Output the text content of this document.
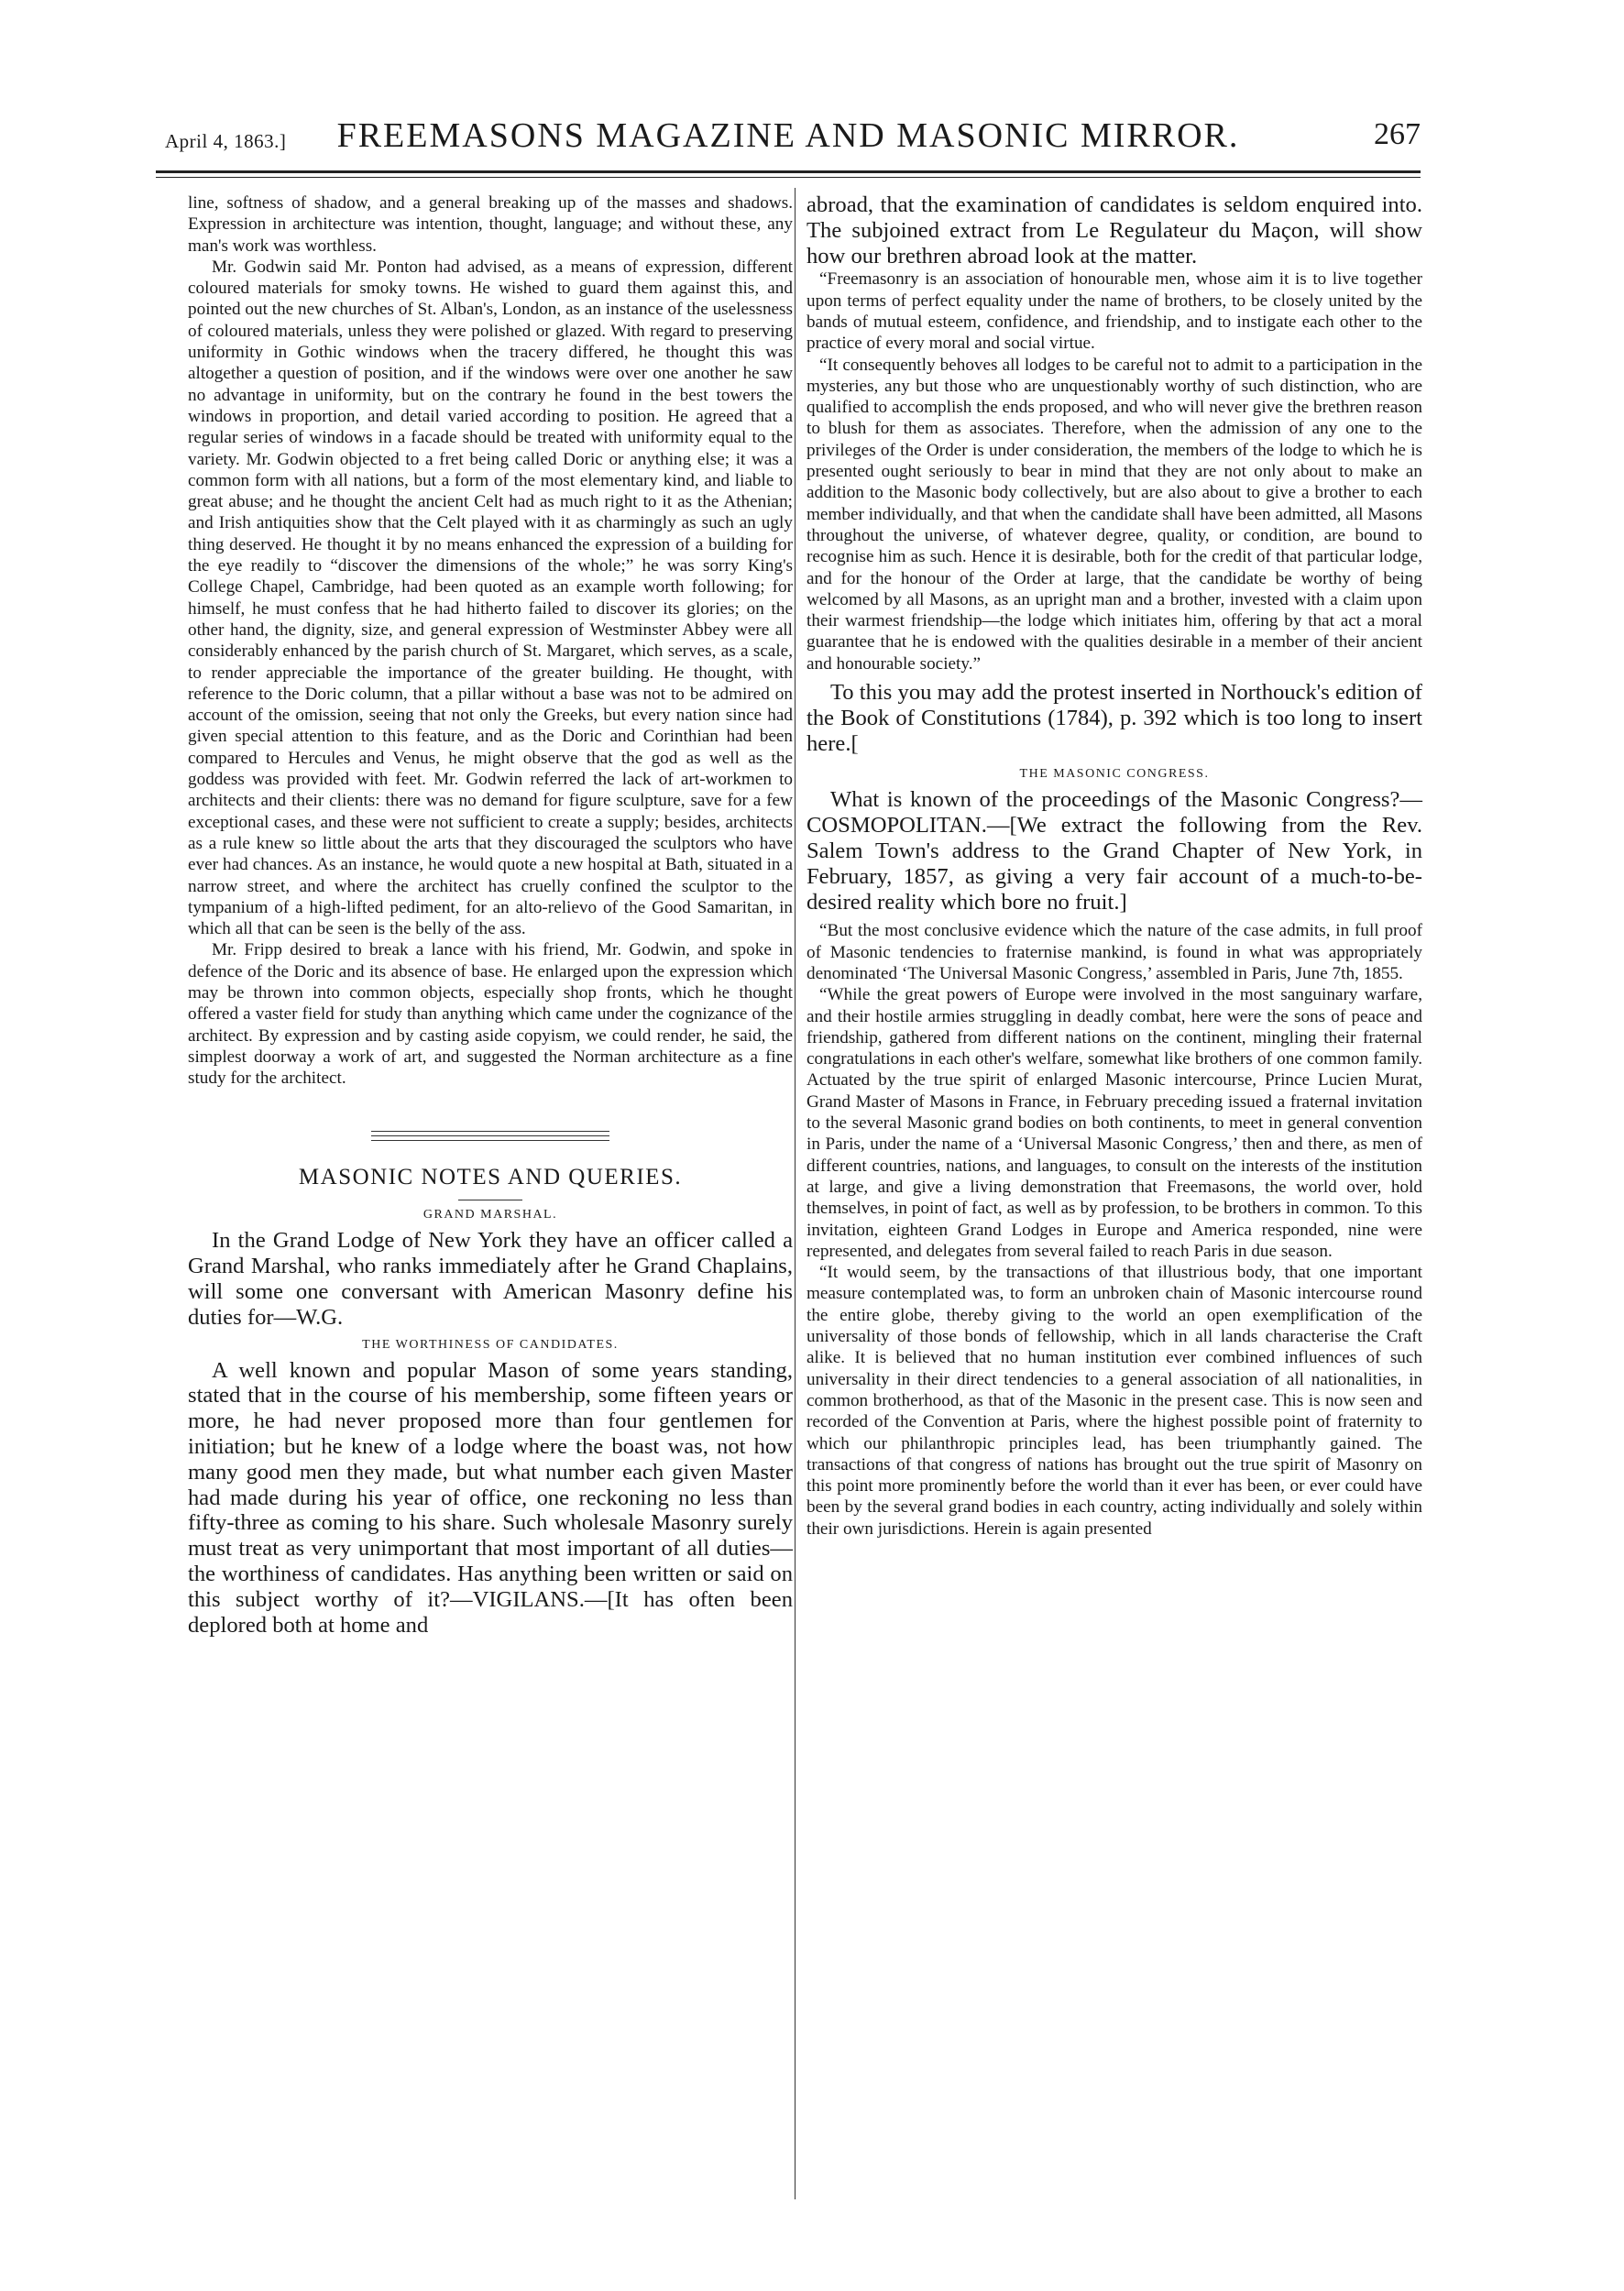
April 4, 1863.]	FREEMASONS MAGAZINE AND MASONIC MIRROR.	267

line, softness of shadow, and a general breaking up of the masses and shadows. Expression in architecture was intention, thought, language; and without these, any man's work was worthless.

Mr. Godwin said Mr. Ponton had advised, as a means of expression, different coloured materials for smoky towns. He wished to guard them against this, and pointed out the new churches of St. Alban's, London, as an instance of the uselessness of coloured materials, unless they were polished or glazed. With regard to preserving uniformity in Gothic windows when the tracery differed, he thought this was altogether a question of position, and if the windows were over one another he saw no advantage in uniformity, but on the contrary he found in the best towers the windows in proportion, and detail varied according to position. He agreed that a regular series of windows in a facade should be treated with uniformity equal to the variety. Mr. Godwin objected to a fret being called Doric or anything else; it was a common form with all nations, but a form of the most elementary kind, and liable to great abuse; and he thought the ancient Celt had as much right to it as the Athenian; and Irish antiquities show that the Celt played with it as charmingly as such an ugly thing deserved. He thought it by no means enhanced the expression of a building for the eye readily to “discover the dimensions of the whole;” he was sorry King's College Chapel, Cambridge, had been quoted as an example worth following; for himself, he must confess that he had hitherto failed to discover its glories; on the other hand, the dignity, size, and general expression of Westminster Abbey were all considerably enhanced by the parish church of St. Margaret, which serves, as a scale, to render appreciable the importance of the greater building. He thought, with reference to the Doric column, that a pillar without a base was not to be admired on account of the omission, seeing that not only the Greeks, but every nation since had given special attention to this feature, and as the Doric and Corinthian had been compared to Hercules and Venus, he might observe that the god as well as the goddess was provided with feet. Mr. Godwin referred the lack of art-workmen to architects and their clients: there was no demand for figure sculpture, save for a few exceptional cases, and these were not sufficient to create a supply; besides, architects as a rule knew so little about the arts that they discouraged the sculptors who have ever had chances. As an instance, he would quote a new hospital at Bath, situated in a narrow street, and where the architect has cruelly confined the sculptor to the tympanium of a high-lifted pediment, for an alto-relievo of the Good Samaritan, in which all that can be seen is the belly of the ass.

Mr. Fripp desired to break a lance with his friend, Mr. Godwin, and spoke in defence of the Doric and its absence of base. He enlarged upon the expression which may be thrown into common objects, especially shop fronts, which he thought offered a vaster field for study than anything which came under the cognizance of the architect. By expression and by casting aside copyism, we could render, he said, the simplest doorway a work of art, and suggested the Norman architecture as a fine study for the architect.

MASONIC NOTES AND QUERIES.
GRAND MARSHAL.

In the Grand Lodge of New York they have an officer called a Grand Marshal, who ranks immediately after he Grand Chaplains, will some one conversant with American Masonry define his duties for—W.G.

THE WORTHINESS OF CANDIDATES.

A well known and popular Mason of some years standing, stated that in the course of his membership, some fifteen years or more, he had never proposed more than four gentlemen for initiation; but he knew of a lodge where the boast was, not how many good men they made, but what number each given Master had made during his year of office, one reckoning no less than fifty-three as coming to his share. Such wholesale Masonry surely must treat as very unimportant that most important of all duties—the worthiness of candidates. Has anything been written or said on this subject worthy of it?—VIGILANS.—[It has often been deplored both at home and

abroad, that the examination of candidates is seldom enquired into. The subjoined extract from Le Regulateur du Maçon, will show how our brethren abroad look at the matter.

“Freemasonry is an association of honourable men, whose aim it is to live together upon terms of perfect equality under the name of brothers, to be closely united by the bands of mutual esteem, confidence, and friendship, and to instigate each other to the practice of every moral and social virtue.

“It consequently behoves all lodges to be careful not to admit to a participation in the mysteries, any but those who are unquestionably worthy of such distinction, who are qualified to accomplish the ends proposed, and who will never give the brethren reason to blush for them as associates. Therefore, when the admission of any one to the privileges of the Order is under consideration, the members of the lodge to which he is presented ought seriously to bear in mind that they are not only about to make an addition to the Masonic body collectively, but are also about to give a brother to each member individually, and that when the candidate shall have been admitted, all Masons throughout the universe, of whatever degree, quality, or condition, are bound to recognise him as such. Hence it is desirable, both for the credit of that particular lodge, and for the honour of the Order at large, that the candidate be worthy of being welcomed by all Masons, as an upright man and a brother, invested with a claim upon their warmest friendship—the lodge which initiates him, offering by that act a moral guarantee that he is endowed with the qualities desirable in a member of their ancient and honourable society.”

To this you may add the protest inserted in Northouck's edition of the Book of Constitutions (1784), p. 392 which is too long to insert here.[

THE MASONIC CONGRESS.

What is known of the proceedings of the Masonic Congress?—COSMOPOLITAN.—[We extract the following from the Rev. Salem Town's address to the Grand Chapter of New York, in February, 1857, as giving a very fair account of a much-to-be-desired reality which bore no fruit.]

“But the most conclusive evidence which the nature of the case admits, in full proof of Masonic tendencies to fraternise mankind, is found in what was appropriately denominated ‘The Universal Masonic Congress,’ assembled in Paris, June 7th, 1855.

“While the great powers of Europe were involved in the most sanguinary warfare, and their hostile armies struggling in deadly combat, here were the sons of peace and friendship, gathered from different nations on the continent, mingling their fraternal congratulations in each other's welfare, somewhat like brothers of one common family. Actuated by the true spirit of enlarged Masonic intercourse, Prince Lucien Murat, Grand Master of Masons in France, in February preceding issued a fraternal invitation to the several Masonic grand bodies on both continents, to meet in general convention in Paris, under the name of a ‘Universal Masonic Congress,’ then and there, as men of different countries, nations, and languages, to consult on the interests of the institution at large, and give a living demonstration that Freemasons, the world over, hold themselves, in point of fact, as well as by profession, to be brothers in common. To this invitation, eighteen Grand Lodges in Europe and America responded, nine were represented, and delegates from several failed to reach Paris in due season.

“It would seem, by the transactions of that illustrious body, that one important measure contemplated was, to form an unbroken chain of Masonic intercourse round the entire globe, thereby giving to the world an open exemplification of the universality of those bonds of fellowship, which in all lands characterise the Craft alike. It is believed that no human institution ever combined influences of such universality in their direct tendencies to a general association of all nationalities, in common brotherhood, as that of the Masonic in the present case. This is now seen and recorded of the Convention at Paris, where the highest possible point of fraternity to which our philanthropic principles lead, has been triumphantly gained. The transactions of that congress of nations has brought out the true spirit of Masonry on this point more prominently before the world than it ever has been, or ever could have been by the several grand bodies in each country, acting individually and solely within their own jurisdictions. Herein is again presented
